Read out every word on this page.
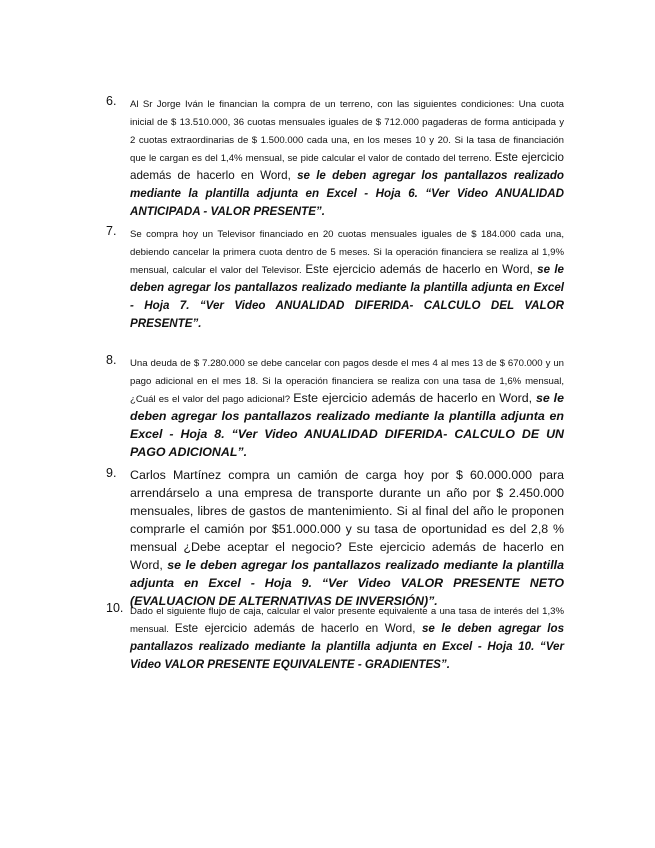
6.	Al Sr Jorge Iván le financian la compra de un terreno, con las siguientes condiciones: Una cuota inicial de $ 13.510.000, 36 cuotas mensuales iguales de $ 712.000 pagaderas de forma anticipada y 2 cuotas extraordinarias de $ 1.500.000 cada una, en los meses 10 y 20. Si la tasa de financiación que le cargan es del 1,4% mensual, se pide calcular el valor de contado del terreno. Este ejercicio además de hacerlo en Word, se le deben agregar los pantallazos realizado mediante la plantilla adjunta en Excel - Hoja 6. “Ver Video ANUALIDAD ANTICIPADA - VALOR PRESENTE”.
7.	Se compra hoy un Televisor financiado en 20 cuotas mensuales iguales de $ 184.000 cada una, debiendo cancelar la primera cuota dentro de 5 meses. Si la operación financiera se realiza al 1,9% mensual, calcular el valor del Televisor. Este ejercicio además de hacerlo en Word, se le deben agregar los pantallazos realizado mediante la plantilla adjunta en Excel - Hoja 7. “Ver Video ANUALIDAD DIFERIDA- CALCULO DEL VALOR PRESENTE”.
8.	Una deuda de $ 7.280.000 se debe cancelar con pagos desde el mes 4 al mes 13 de $ 670.000 y un pago adicional en el mes 18. Si la operación financiera se realiza con una tasa de 1,6% mensual, ¿Cuál es el valor del pago adicional? Este ejercicio además de hacerlo en Word, se le deben agregar los pantallazos realizado mediante la plantilla adjunta en Excel - Hoja 8. “Ver Video ANUALIDAD DIFERIDA- CALCULO DE UN PAGO ADICIONAL”.
9.	Carlos Martínez compra un camión de carga hoy por $ 60.000.000 para arrendárselo a una empresa de transporte durante un año por $ 2.450.000 mensuales, libres de gastos de mantenimiento. Si al final del año le proponen comprarle el camión por $51.000.000 y su tasa de oportunidad es del 2,8 % mensual ¿Debe aceptar el negocio? Este ejercicio además de hacerlo en Word, se le deben agregar los pantallazos realizado mediante la plantilla adjunta en Excel - Hoja 9. “Ver Video VALOR PRESENTE NETO (EVALUACION DE ALTERNATIVAS DE INVERSIÓN)”.
10. Dado el siguiente flujo de caja, calcular el valor presente equivalente a una tasa de interés del 1,3% mensual. Este ejercicio además de hacerlo en Word, se le deben agregar los pantallazos realizado mediante la plantilla adjunta en Excel - Hoja 10. “Ver Video VALOR PRESENTE EQUIVALENTE - GRADIENTES”.
